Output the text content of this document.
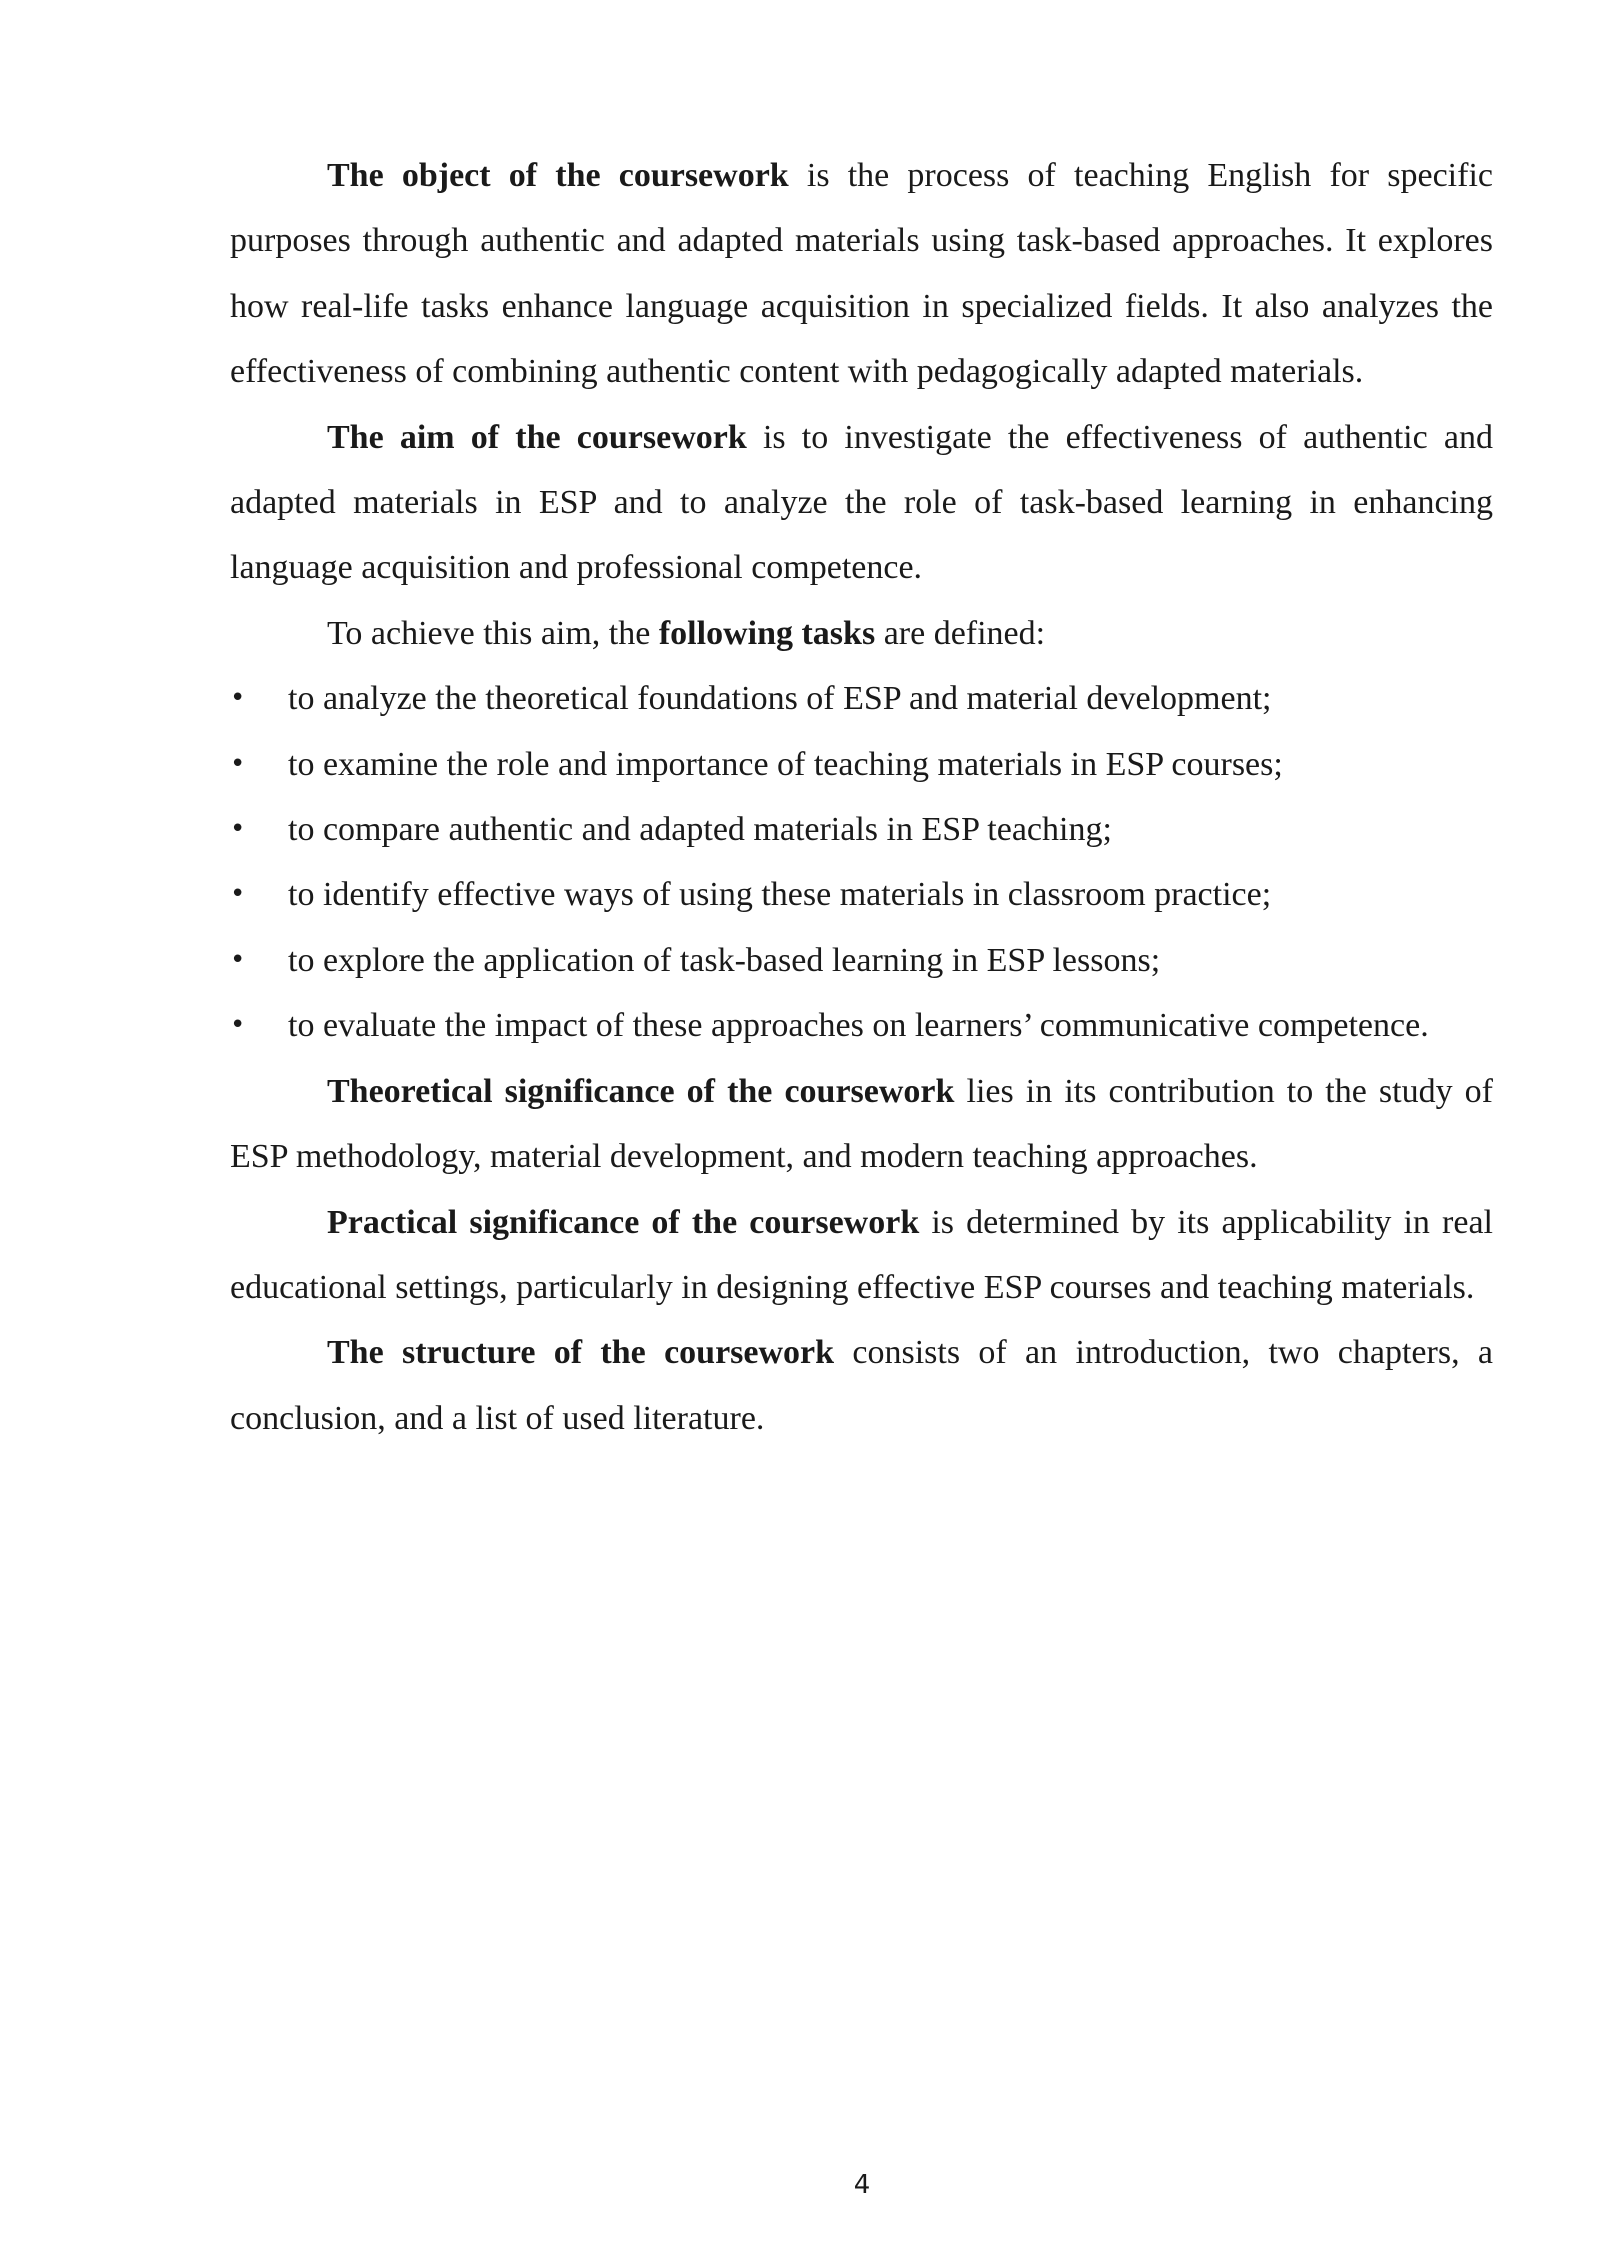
The object of the coursework is the process of teaching English for specific purposes through authentic and adapted materials using task-based approaches. It explores how real-life tasks enhance language acquisition in specialized fields. It also analyzes the effectiveness of combining authentic content with pedagogically adapted materials.

The aim of the coursework is to investigate the effectiveness of authentic and adapted materials in ESP and to analyze the role of task-based learning in enhancing language acquisition and professional competence.

To achieve this aim, the following tasks are defined:

•	to analyze the theoretical foundations of ESP and material development;
•	to examine the role and importance of teaching materials in ESP courses;
•	to compare authentic and adapted materials in ESP teaching;
•	to identify effective ways of using these materials in classroom practice;
•	to explore the application of task-based learning in ESP lessons;
•	to evaluate the impact of these approaches on learners’ communicative competence.

Theoretical significance of the coursework lies in its contribution to the study of ESP methodology, material development, and modern teaching approaches.

Practical significance of the coursework is determined by its applicability in real educational settings, particularly in designing effective ESP courses and teaching materials.

The structure of the coursework consists of an introduction, two chapters, a conclusion, and a list of used literature.

4
